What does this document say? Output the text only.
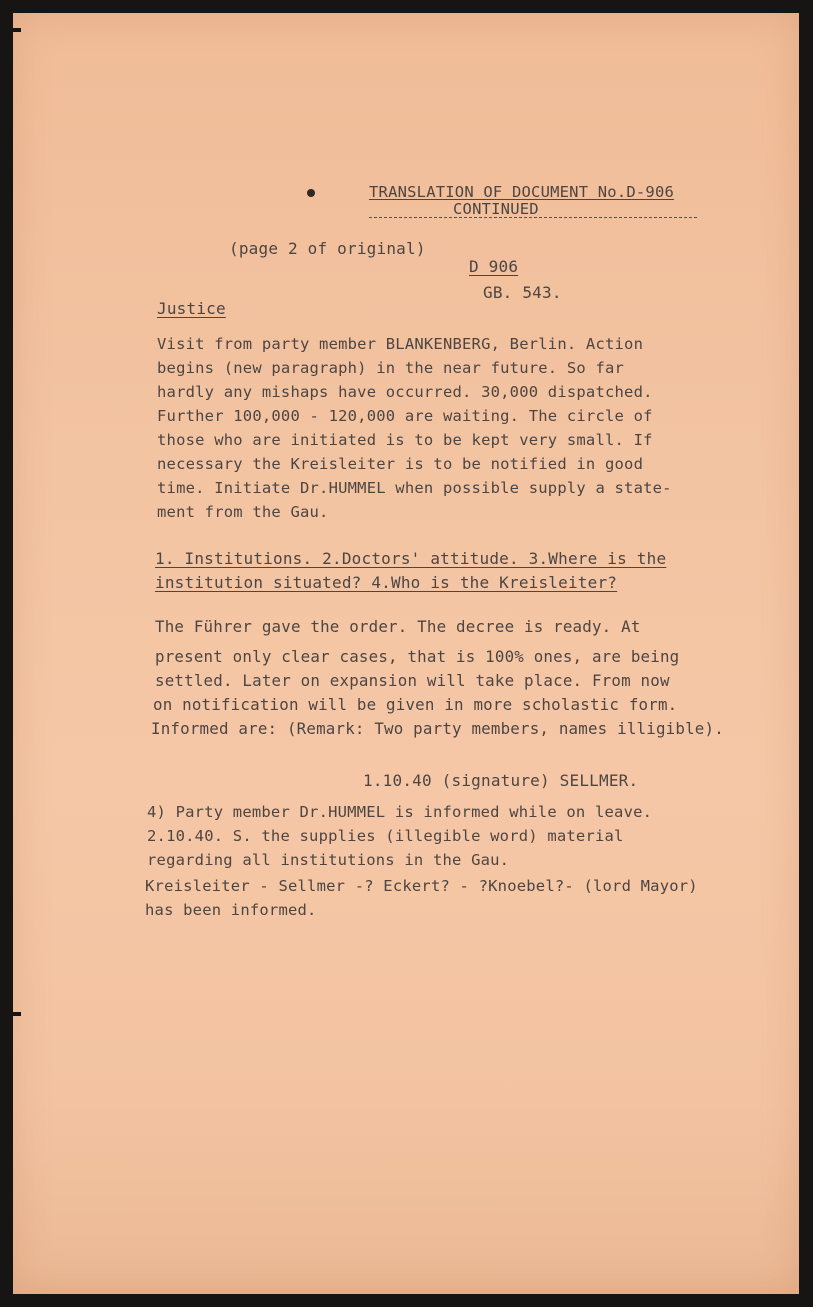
TRANSLATION OF DOCUMENT No.D-906
CONTINUED
(page 2 of original)
D 906
GB. 543.
Justice
Visit from party member BLANKENBERG, Berlin. Action
begins (new paragraph) in the near future. So far
hardly any mishaps have occurred. 30,000 dispatched.
Further 100,000 - 120,000 are waiting. The circle of
those who are initiated is to be kept very small. If
necessary the Kreisleiter is to be notified in good
time. Initiate Dr.HUMMEL when possible supply a state-
ment from the Gau.
1. Institutions. 2.Doctors' attitude. 3.Where is the
institution situated? 4.Who is the Kreisleiter?
The Führer gave the order. The decree is ready. At
present only clear cases, that is 100% ones, are being
settled. Later on expansion will take place. From now
on notification will be given in more scholastic form.
Informed are: (Remark: Two party members, names illigible).
1.10.40 (signature) SELLMER.
4) Party member Dr.HUMMEL is informed while on leave.
2.10.40. S. the supplies (illegible word) material
regarding all institutions in the Gau.
Kreisleiter - Sellmer -? Eckert? - ?Knoebel?- (lord Mayor)
has been informed.
